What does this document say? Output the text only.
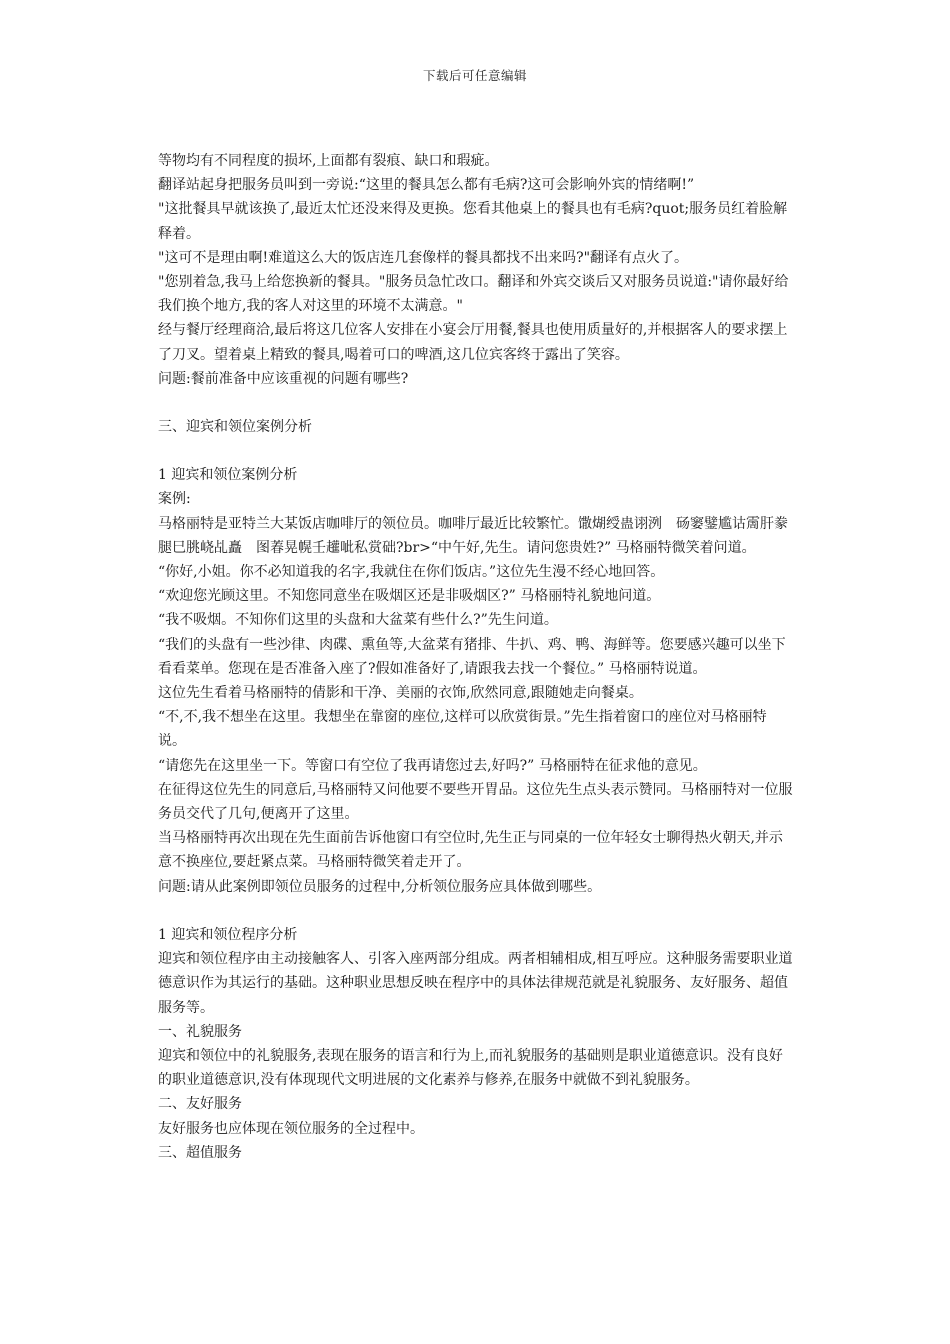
下载后可任意编辑

等物均有不同程度的损坏,上面都有裂痕、缺口和瑕疵。

翻译站起身把服务员叫到一旁说:“这里的餐具怎么都有毛病?这可会影响外宾的情绪啊!”

"这批餐具早就该换了,最近太忙还没来得及更换。您看其他桌上的餐具也有毛病?quot;服务员红着脸解释着。

"这可不是理由啊!难道这么大的饭店连几套像样的餐具都找不出来吗?"翻译有点火了。

"您别着急,我马上给您换新的餐具。"服务员急忙改口。翻译和外宾交谈后又对服务员说道:"请你最好给我们换个地方,我的客人对这里的环境不太满意。"

经与餐厅经理商洽,最后将这几位客人安排在小宴会厅用餐,餐具也使用质量好的,并根据客人的要求摆上了刀叉。望着桌上精致的餐具,喝着可口的啤酒,这几位宾客终于露出了笑容。

问题:餐前准备中应该重视的问题有哪些?

三、迎宾和领位案例分析

1 迎宾和领位案例分析

案例:

马格丽特是亚特兰大某饭店咖啡厅的领位员。咖啡厅最近比较繁忙。馓煳绶蛊诩洌　砀窭鐾尴诂霌肝豢腿巳朓峣乩矗　图萶晃幌壬䟒呲私赏础?br>“中午好,先生。请问您贵姓?” 马格丽特微笑着问道。

“你好,小姐。你不必知道我的名字,我就住在你们饭店。”这位先生漫不经心地回答。

“欢迎您光顾这里。不知您同意坐在吸烟区还是非吸烟区?” 马格丽特礼貌地问道。

“我不吸烟。不知你们这里的头盘和大盆菜有些什么?”先生问道。

“我们的头盘有一些沙律、肉碟、熏鱼等,大盆菜有猪排、牛扒、鸡、鸭、海鲜等。您要感兴趣可以坐下看看菜单。您现在是否准备入座了?假如准备好了,请跟我去找一个餐位。” 马格丽特说道。

这位先生看着马格丽特的倩影和干净、美丽的衣饰,欣然同意,跟随她走向餐桌。

“不,不,我不想坐在这里。我想坐在靠窗的座位,这样可以欣赏街景。”先生指着窗口的座位对马格丽特说。

“请您先在这里坐一下。等窗口有空位了我再请您过去,好吗?” 马格丽特在征求他的意见。

在征得这位先生的同意后,马格丽特又问他要不要些开胃品。这位先生点头表示赞同。马格丽特对一位服务员交代了几句,便离开了这里。

当马格丽特再次出现在先生面前告诉他窗口有空位时,先生正与同桌的一位年轻女士聊得热火朝天,并示意不换座位,要赶紧点菜。马格丽特微笑着走开了。

问题:请从此案例即领位员服务的过程中,分析领位服务应具体做到哪些。

1 迎宾和领位程序分析

迎宾和领位程序由主动接触客人、引客入座两部分组成。两者相辅相成,相互呼应。这种服务需要职业道德意识作为其运行的基础。这种职业思想反映在程序中的具体法律规范就是礼貌服务、友好服务、超值服务等。

一、礼貌服务

迎宾和领位中的礼貌服务,表现在服务的语言和行为上,而礼貌服务的基础则是职业道德意识。没有良好的职业道德意识,没有体现现代文明进展的文化素养与修养,在服务中就做不到礼貌服务。

二、友好服务

友好服务也应体现在领位服务的全过程中。

三、超值服务
